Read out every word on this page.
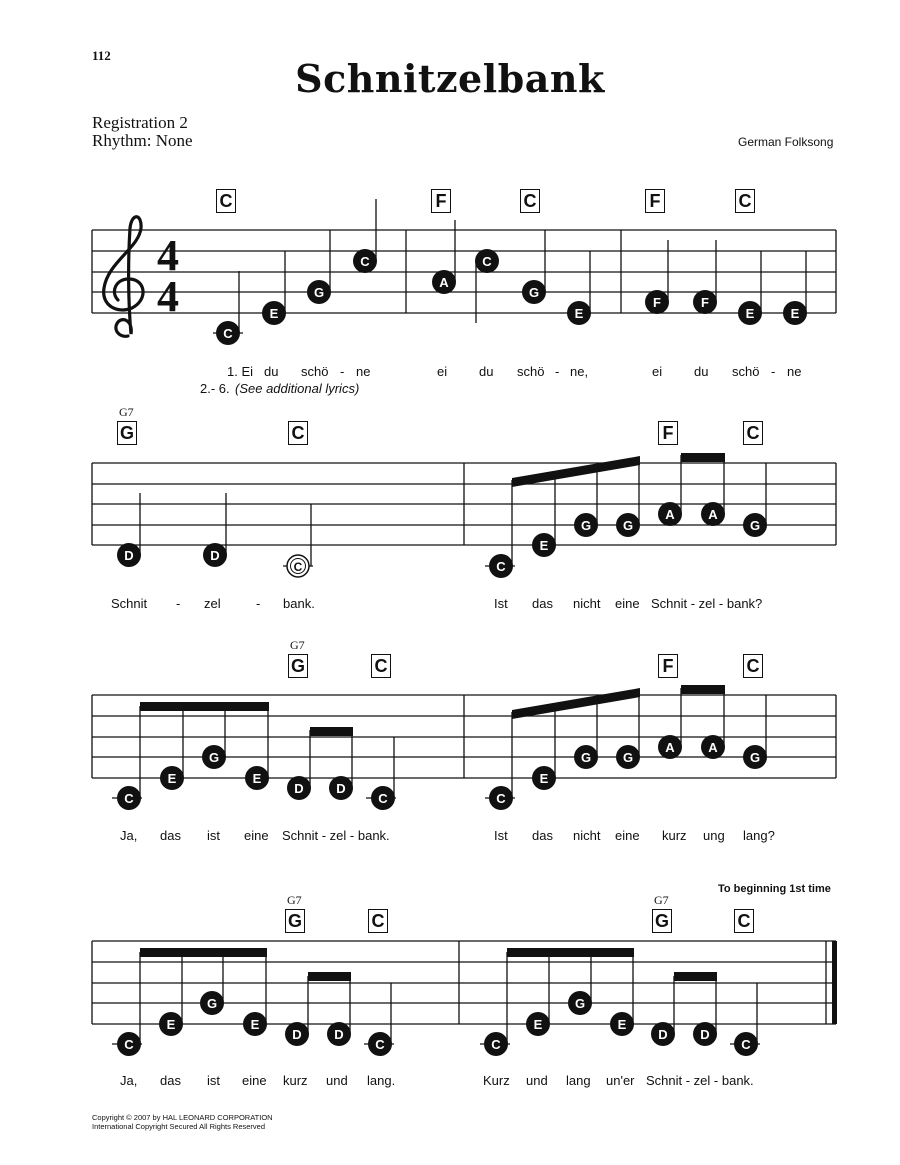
112
Schnitzelbank
Registration 2
Rhythm: None	German Folksong
C	F	C	F	C
1. Ei du schö - ne	ei du schö - ne,	ei du schö - ne
2.- 6. (See additional lyrics)
G7
G	C	F	C
Schnit - zel	- bank.	Ist das nicht eine Schnit - zel - bank?
G7
G	C	F	C
Ja, das ist eine Schnit - zel - bank.	Ist das nicht eine kurz ung lang?
To beginning 1st time
G7
G	C
G7
G	C
Ja, das ist eine kurz und lang.	Kurz und lang un'er Schnit - zel - bank.
Copyright © 2007 by HAL LEONARD CORPORATION
International Copyright Secured All Rights Reserved
4
4
C
E
G
C
A
C
G
E
F	F
E	E
D	D
C	C
E
G G
A	A
G
C
E
G
E
D	D
C	C
E
G G
A	A
G
C
E
G
E
D	D
C	C
E
G
E
D	D
C
